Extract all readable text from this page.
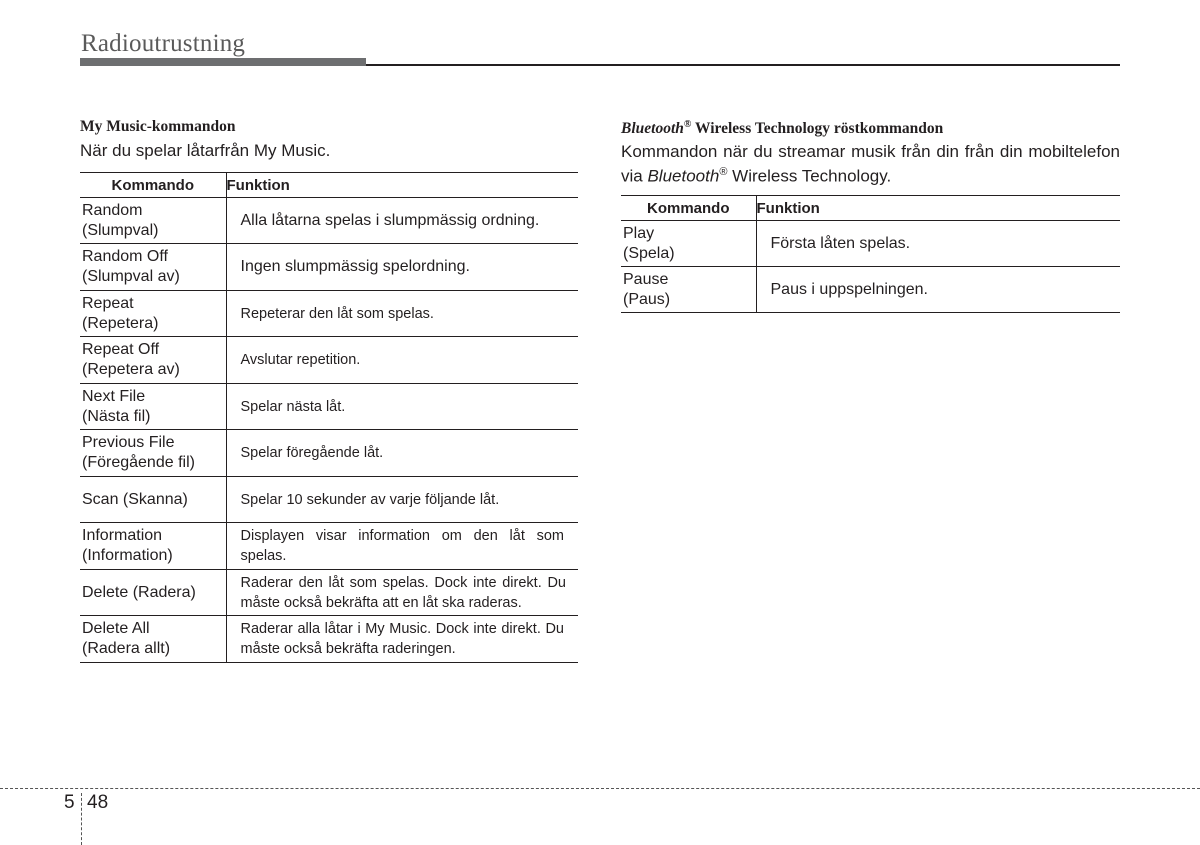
Radioutrustning
My Music-kommandon
När du spelar låtarfrån My Music.
Kommando	Funktion

Random
(Slumpval)	Alla låtarna spelas i slumpmässig ordning.

Random Off
(Slumpval av)	Ingen slumpmässig spelordning.

Repeat
(Repetera)	Repeterar den låt som spelas.

Repeat Off
(Repetera av)	Avslutar repetition.

Next File
(Nästa fil)	Spelar nästa låt.

Previous File
(Föregående fil)	Spelar föregående låt.
Scan (Skanna)	Spelar 10 sekunder av varje följande låt.

Information
(Information)	Displayen visar information om den låt som spelas.
Delete (Radera)	Raderar den låt som spelas. Dock inte direkt. Du måste också bekräfta att en låt ska raderas.

Delete All
(Radera allt)	Raderar alla låtar i My Music. Dock inte direkt. Du måste också bekräfta raderingen.
Bluetooth® Wireless Technology röstkommandon
Kommandon när du streamar musik från din från din mobiltelefon via Bluetooth® Wireless Technology.
Kommando	Funktion

Play
(Spela)	Första låten spelas.

Pause
(Paus)	Paus i uppspelningen.
5 48
